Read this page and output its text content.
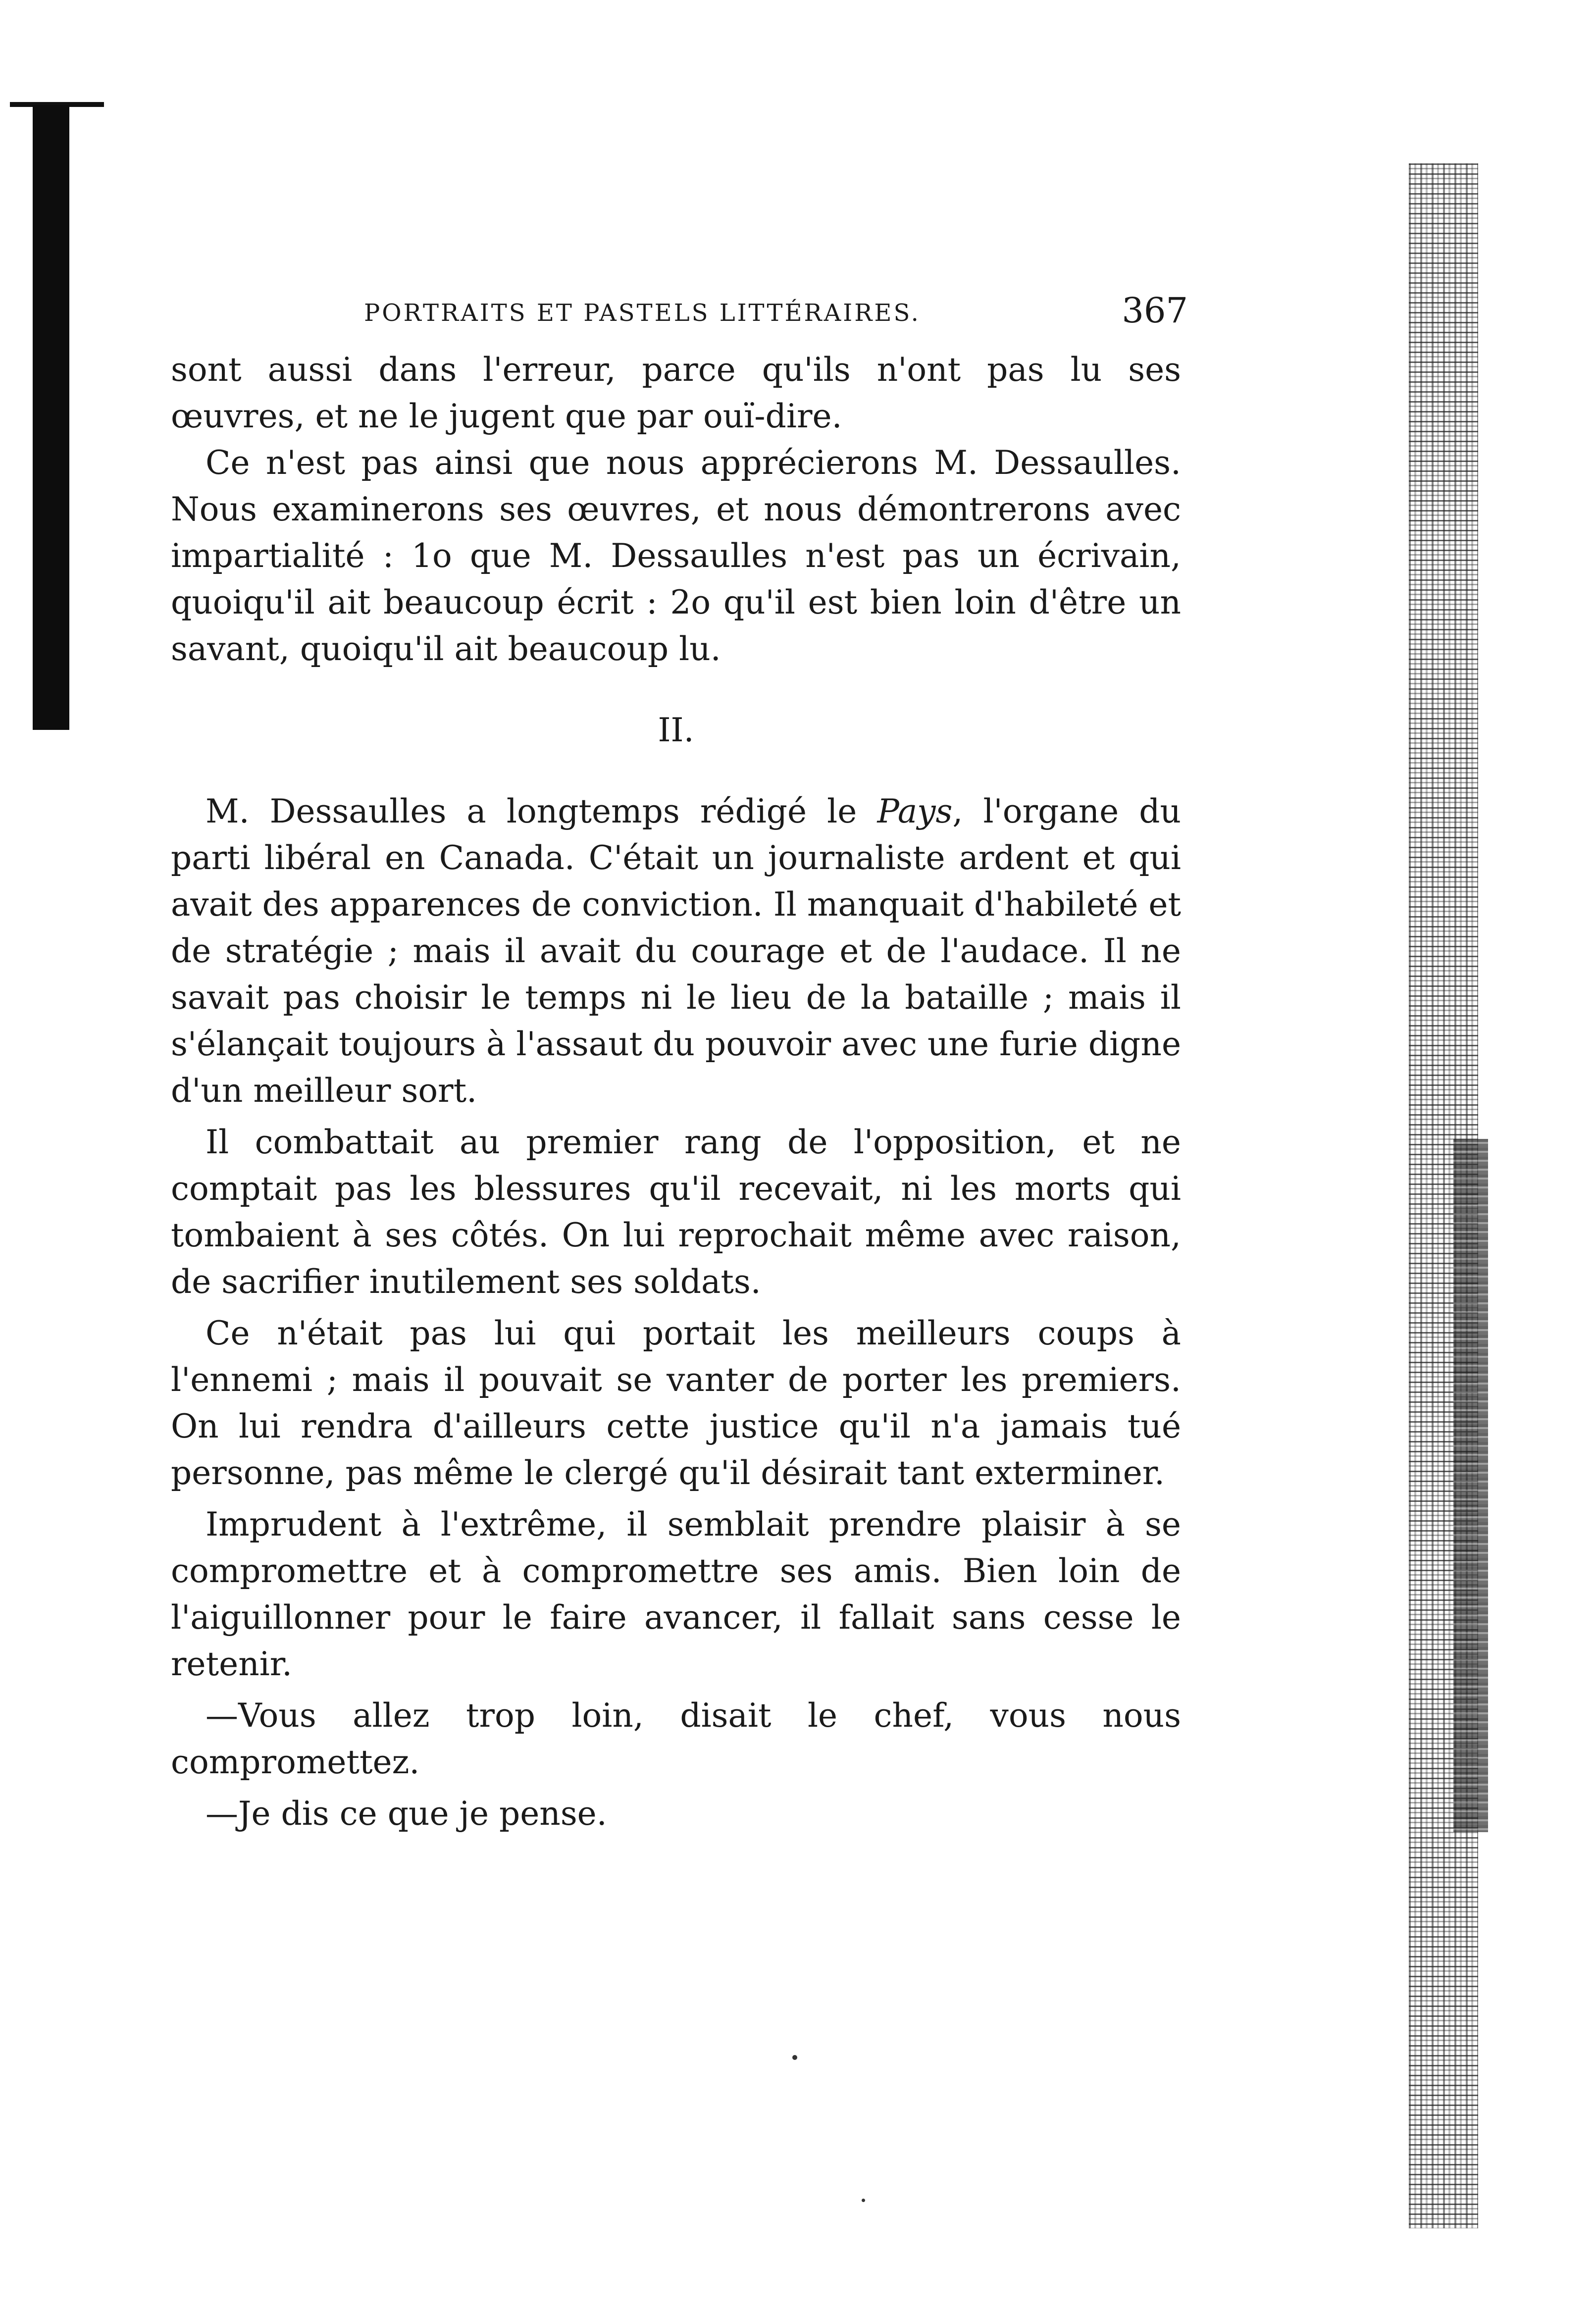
PORTRAITS ET PASTELS LITTÉRAIRES.	367

sont aussi dans l'erreur, parce qu'ils n'ont pas lu ses œuvres, et ne le jugent que par ouï-dire.

Ce n'est pas ainsi que nous apprécierons M. Dessaulles. Nous examinerons ses œuvres, et nous démontrerons avec impartialité : 1o que M. Dessaulles n'est pas un écrivain, quoiqu'il ait beaucoup écrit : 2o qu'il est bien loin d'être un savant, quoiqu'il ait beaucoup lu.

II.

M. Dessaulles a longtemps rédigé le Pays, l'organe du parti libéral en Canada. C'était un journaliste ardent et qui avait des apparences de conviction. Il manquait d'habileté et de stratégie ; mais il avait du courage et de l'audace. Il ne savait pas choisir le temps ni le lieu de la bataille ; mais il s'élançait toujours à l'assaut du pouvoir avec une furie digne d'un meilleur sort.

Il combattait au premier rang de l'opposition, et ne comptait pas les blessures qu'il recevait, ni les morts qui tombaient à ses côtés. On lui reprochait même avec raison, de sacrifier inutilement ses soldats.

Ce n'était pas lui qui portait les meilleurs coups à l'ennemi ; mais il pouvait se vanter de porter les premiers. On lui rendra d'ailleurs cette justice qu'il n'a jamais tué personne, pas même le clergé qu'il désirait tant exterminer.

Imprudent à l'extrême, il semblait prendre plaisir à se compromettre et à compromettre ses amis. Bien loin de l'aiguillonner pour le faire avancer, il fallait sans cesse le retenir.

—Vous allez trop loin, disait le chef, vous nous compromettez.

—Je dis ce que je pense.
